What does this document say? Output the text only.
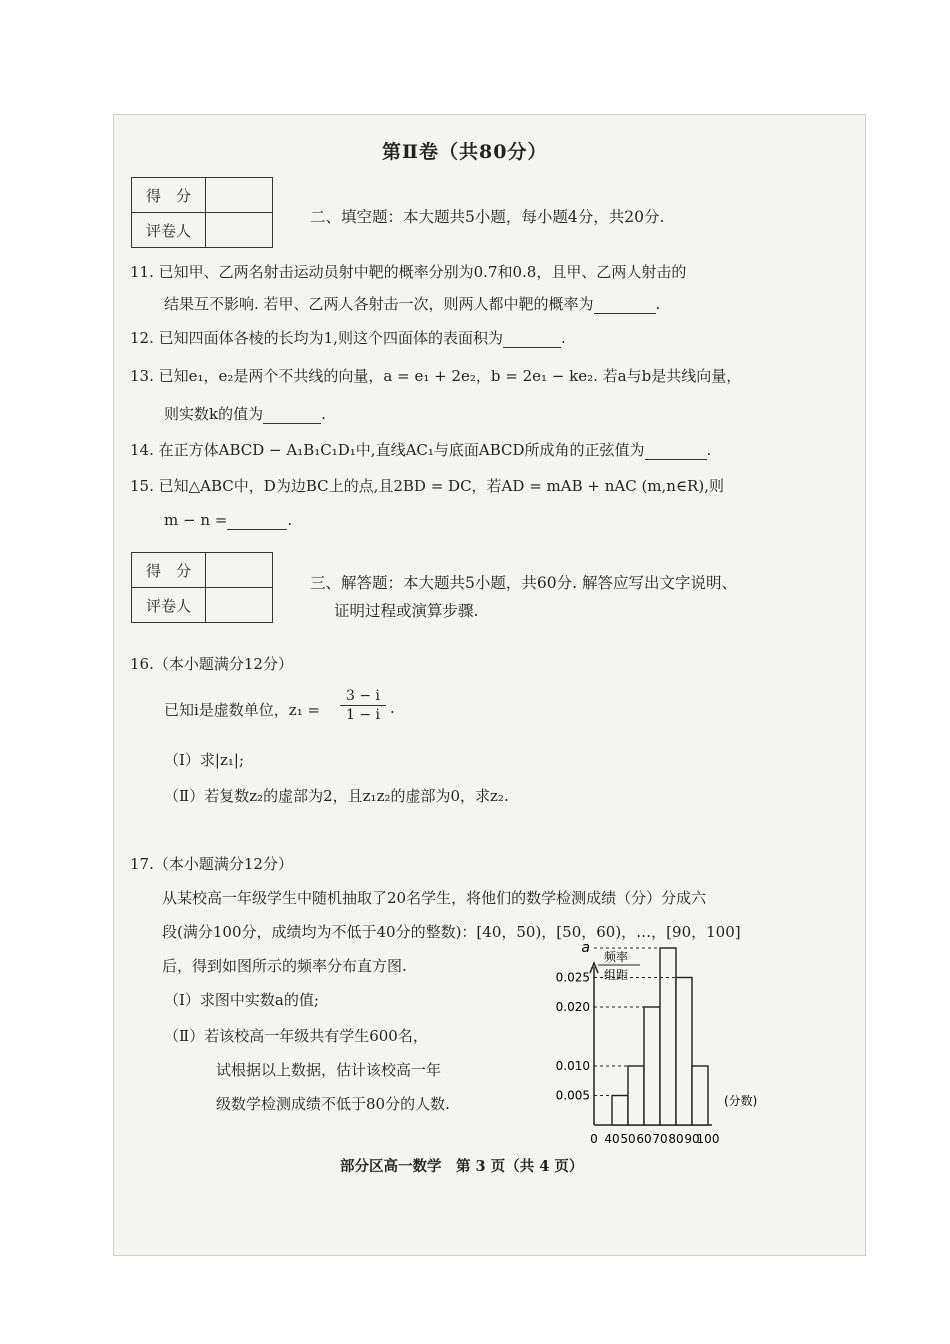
第Ⅱ卷（共80分）
得　分	
评卷人	
二、填空题：本大题共5小题，每小题4分，共20分.
11. 已知甲、乙两名射击运动员射中靶的概率分别为0.7和0.8，且甲、乙两人射击的
结果互不影响. 若甲、乙两人各射击一次，则两人都中靶的概率为	.
12. 已知四面体各棱的长均为1,则这个四面体的表面积为	.
13. 已知e₁，e₂是两个不共线的向量，a = e₁ + 2e₂，b = 2e₁ − ke₂. 若a与b是共线向量，
则实数k的值为	.
14. 在正方体ABCD − A₁B₁C₁D₁中,直线AC₁与底面ABCD所成角的正弦值为	.
15. 已知△ABC中，D为边BC上的点,且2BD = DC，若AD = mAB + nAC (m,n∈R),则
m − n =	.
得　分	
评卷人	
三、解答题：本大题共5小题，共60分. 解答应写出文字说明、
证明过程或演算步骤.
16.（本小题满分12分）
已知i是虚数单位，$z_1 = \frac{3 - i}{1 - i}$ .
（Ⅰ）求|z₁|;
（Ⅱ）若复数z₂的虚部为2，且z₁z₂的虚部为0，求z₂.
17.（本小题满分12分）
从某校高一年级学生中随机抽取了20名学生，将他们的数学检测成绩（分）分成六
段(满分100分，成绩均为不低于40分的整数)：[40，50)，[50，60)，…，[90，100]
后，得到如图所示的频率分布直方图.
（Ⅰ）求图中实数a的值;
（Ⅱ）若该校高一年级共有学生600名，
试根据以上数据，估计该校高一年
级数学检测成绩不低于80分的人数.
频率
组距
a
0.025
0.020
0.010
0.005
0 40 50 60 70 80 90
100
(分数)
部分区高一数学　第 3 页（共 4 页）
